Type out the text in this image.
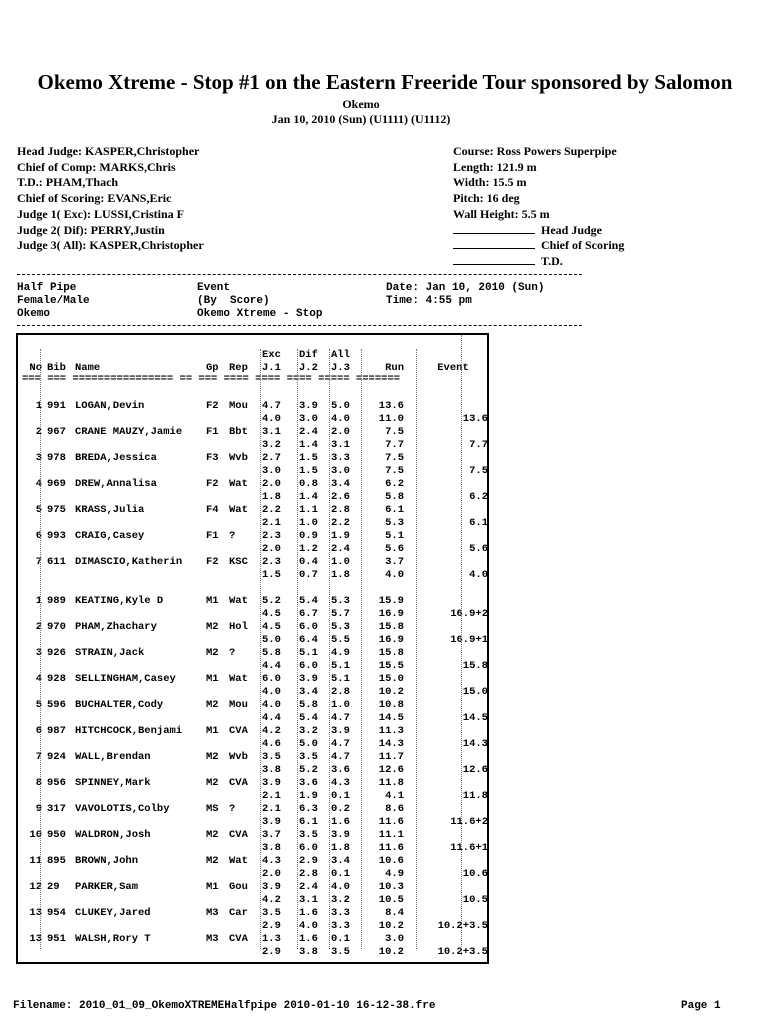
Okemo Xtreme - Stop #1 on the Eastern Freeride Tour sponsored by Salomon
Okemo
Jan 10, 2010 (Sun) (U1111) (U1112)
Head Judge: KASPER,Christopher
Chief of Comp: MARKS,Chris
T.D.: PHAM,Thach
Chief of Scoring: EVANS,Eric
Judge 1( Exc): LUSSI,Cristina F
Judge 2( Dif): PERRY,Justin
Judge 3( All): KASPER,Christopher
Course: Ross Powers Superpipe
Length: 121.9 m
Width: 15.5 m
Pitch: 16 deg
Wall Height: 5.5 m
Head Judge
Chief of Scoring
T.D.

Half Pipe

Female/Male

Okemo

Event

(By  Score)

Okemo Xtreme - Stop

Date: Jan 10, 2010 (Sun)

Time: 4:55 pm

Exc	Dif	All
No Bib Name	Gp Rep	J.1	J.2	J.3	Run	Event
=== === ================ == === ==== ==== ==== ===== =======
1 991 LOGAN,Devin	F2 Mou	4.7	3.9	5.0	13.6
4.0	3.0	4.0	11.0	13.6
2 967 CRANE MAUZY,Jamie	F1 Bbt	3.1	2.4	2.0	7.5
3.2	1.4	3.1	7.7	7.7
3 978 BREDA,Jessica	F3 Wvb	2.7	1.5	3.3	7.5
3.0	1.5	3.0	7.5	7.5
4 969 DREW,Annalisa	F2 Wat	2.0	0.8	3.4	6.2
1.8	1.4	2.6	5.8	6.2
5 975 KRASS,Julia	F4 Wat	2.2	1.1	2.8	6.1
2.1	1.0	2.2	5.3	6.1
6 993 CRAIG,Casey	F1 ?	2.3	0.9	1.9	5.1
2.0	1.2	2.4	5.6	5.6
7 611 DIMASCIO,Katherin	F2 KSC	2.3	0.4	1.0	3.7
1.5	0.7	1.8	4.0	4.0
1 989 KEATING,Kyle D	M1 Wat	5.2	5.4	5.3	15.9
4.5	6.7	5.7	16.9	16.9+2
2 970 PHAM,Zhachary	M2 Hol	4.5	6.0	5.3	15.8
5.0	6.4	5.5	16.9	16.9+1
3 926 STRAIN,Jack	M2 ?	5.8	5.1	4.9	15.8
4.4	6.0	5.1	15.5	15.8
4 928 SELLINGHAM,Casey	M1 Wat	6.0	3.9	5.1	15.0
4.0	3.4	2.8	10.2	15.0
5 596 BUCHALTER,Cody	M2 Mou	4.0	5.8	1.0	10.8
4.4	5.4	4.7	14.5	14.5
6 987 HITCHCOCK,Benjami	M1 CVA	4.2	3.2	3.9	11.3
4.6	5.0	4.7	14.3	14.3
7 924 WALL,Brendan	M2 Wvb	3.5	3.5	4.7	11.7
3.8	5.2	3.6	12.6	12.6
8 956 SPINNEY,Mark	M2 CVA	3.9	3.6	4.3	11.8
2.1	1.9	0.1	4.1	11.8
9 317 VAVOLOTIS,Colby	MS ?	2.1	6.3	0.2	8.6
3.9	6.1	1.6	11.6	11.6+2
10 950 WALDRON,Josh	M2 CVA	3.7	3.5	3.9	11.1
3.8	6.0	1.8	11.6	11.6+1
11 895 BROWN,John	M2 Wat	4.3	2.9	3.4	10.6
2.0	2.8	0.1	4.9	10.6
12 29	PARKER,Sam	M1 Gou	3.9	2.4	4.0	10.3
4.2	3.1	3.2	10.5	10.5
13 954 CLUKEY,Jared	M3 Car	3.5	1.6	3.3	8.4
2.9	4.0	3.3	10.2	10.2+3.5
13 951 WALSH,Rory T	M3 CVA	1.3	1.6	0.1	3.0
2.9	3.8	3.5	10.2	10.2+3.5
Filename: 2010_01_09_OkemoXTREMEHalfpipe 2010-01-10 16-12-38.fre	Page 1
